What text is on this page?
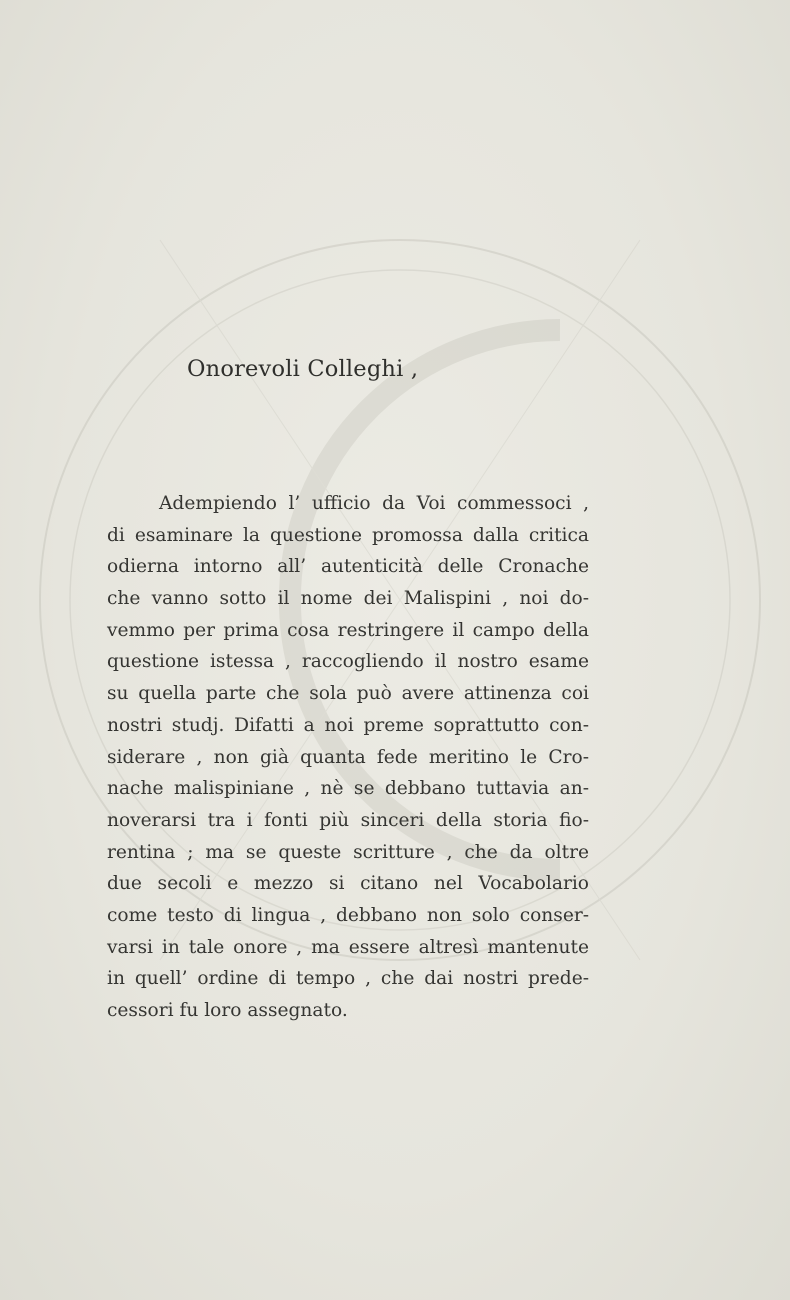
Onorevoli Colleghi ,
Adempiendo l’ ufficio da Voi commessoci ,
di esaminare la questione promossa dalla critica
odierna intorno all’ autenticità delle Cronache
che vanno sotto il nome dei Malispini , noi do-
vemmo per prima cosa restringere il campo della
questione istessa , raccogliendo il nostro esame
su quella parte che sola può avere attinenza coi
nostri studj. Difatti a noi preme soprattutto con-
siderare , non già quanta fede meritino le Cro-
nache malispiniane , nè se debbano tuttavia an-
noverarsi tra i fonti più sinceri della storia fio-
rentina ; ma se queste scritture , che da oltre
due secoli e mezzo si citano nel Vocabolario
come testo di lingua , debbano non solo conser-
varsi in tale onore , ma essere altresì mantenute
in quell’ ordine di tempo , che dai nostri prede-
cessori fu loro assegnato.
